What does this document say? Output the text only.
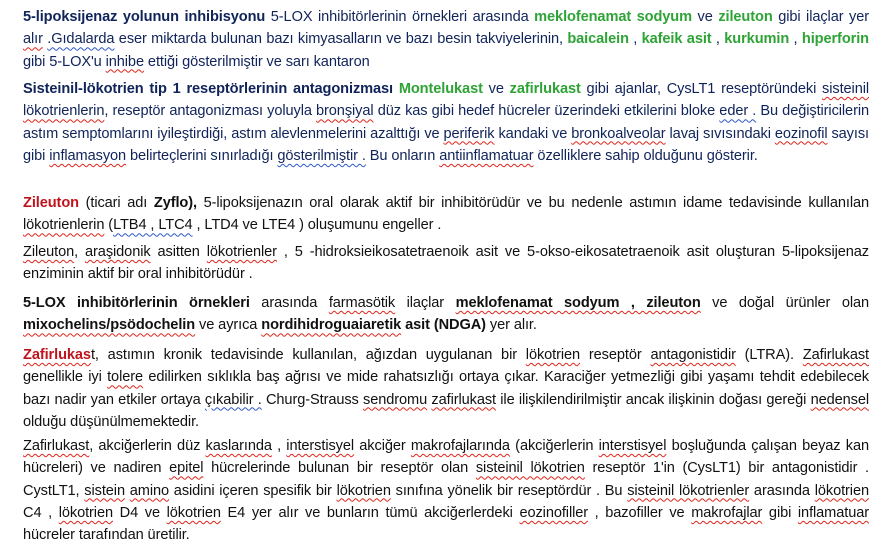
5-lipoksijenaz yolunun inhibisyonu 5-LOX inhibitörlerinin örnekleri arasında meklofenamat sodyum ve zileuton gibi ilaçlar yer alır .Gıdalarda eser miktarda bulunan bazı kimyasalların ve bazı besin takviyelerinin, baicalein , kafeik asit , kurkumin , hiperforin gibi 5-LOX'u inhibe ettiği gösterilmiştir ve sarı kantaron

Sisteinil-lökotrien tip 1 reseptörlerinin antagonizması Montelukast ve zafirlukast gibi ajanlar, CysLT1 reseptöründeki sisteinil lökotrienlerin, reseptör antagonizması yoluyla bronşiyal düz kas gibi hedef hücreler üzerindeki etkilerini bloke eder . Bu değiştiricilerin astım semptomlarını iyileştirdiği, astım alevlenmelerini azalttığı ve periferik kandaki ve bronkoalveolar lavaj sıvısındaki eozinofil sayısı gibi inflamasyon belirteçlerini sınırladığı gösterilmiştir . Bu onların antiinflamatuar özelliklere sahip olduğunu gösterir.

Zileuton (ticari adı Zyflo), 5-lipoksijenazın oral olarak aktif bir inhibitörüdür ve bu nedenle astımın idame tedavisinde kullanılan lökotrienlerin (LTB4 , LTC4 , LTD4 ve LTE4 ) oluşumunu engeller .

Zileuton, araşidonik asitten lökotrienler , 5 -hidroksieikosatetraenoik asit ve 5-okso-eikosatetraenoik asit oluşturan 5-lipoksijenaz enziminin aktif bir oral inhibitörüdür .

5-LOX inhibitörlerinin örnekleri arasında farmasötik ilaçlar meklofenamat sodyum , zileuton ve doğal ürünler olan mixochelins/psödochelin ve ayrıca nordihidroguaiaretik asit (NDGA) yer alır.

Zafirlukast, astımın kronik tedavisinde kullanılan, ağızdan uygulanan bir lökotrien reseptör antagonistidir (LTRA). Zafirlukast genellikle iyi tolere edilirken sıklıkla baş ağrısı ve mide rahatsızlığı ortaya çıkar. Karaciğer yetmezliği gibi yaşamı tehdit edebilecek bazı nadir yan etkiler ortaya çıkabilir . Churg-Strauss sendromu zafirlukast ile ilişkilendirilmiştir ancak ilişkinin doğası gereği nedensel olduğu düşünülmemektedir.

Zafirlukast, akciğerlerin düz kaslarında , interstisyel akciğer makrofajlarında (akciğerlerin interstisyel boşluğunda çalışan beyaz kan hücreleri) ve nadiren epitel hücrelerinde bulunan bir reseptör olan sisteinil lökotrien reseptör 1'in (CysLT1) bir antagonistidir . CystLT1, sistein amino asidini içeren spesifik bir lökotrien sınıfına yönelik bir reseptördür . Bu sisteinil lökotrienler arasında lökotrien C4 , lökotrien D4 ve lökotrien E4 yer alır ve bunların tümü akciğerlerdeki eozinofiller , bazofiller ve makrofajlar gibi inflamatuar hücreler tarafından üretilir.
